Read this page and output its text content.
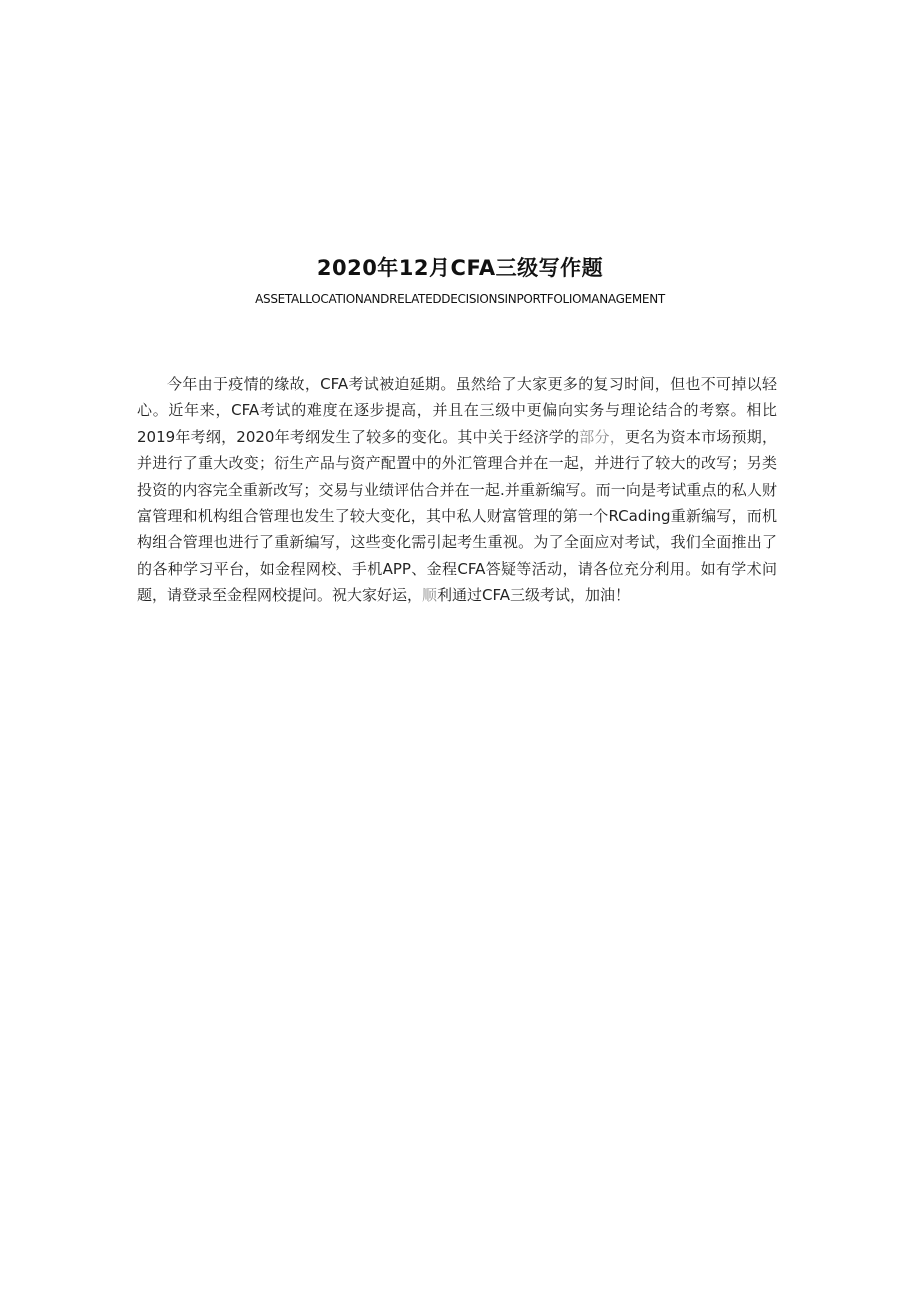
2020年12月CFA三级写作题

ASSETALLOCATIONANDRELATEDDECISIONSINPORTFOLIOMANAGEMENT

今年由于疫情的缘故，CFA考试被迫延期。虽然给了大家更多的复习时间，但也不可掉以轻心。近年来，CFA考试的难度在逐步提高，并且在三级中更偏向实务与理论结合的考察。相比2019年考纲，2020年考纲发生了较多的变化。其中关于经济学的部分，更名为资本市场预期，并进行了重大改变；衍生产品与资产配置中的外汇管理合并在一起，并进行了较大的改写；另类投资的内容完全重新改写；交易与业绩评估合并在一起.并重新编写。而一向是考试重点的私人财富管理和机构组合管理也发生了较大变化，其中私人财富管理的第一个RCading重新编写，而机构组合管理也进行了重新编写，这些变化需引起考生重视。为了全面应对考试，我们全面推出了的各种学习平台，如金程网校、手机APP、金程CFA答疑等活动，请各位充分利用。如有学术问题，请登录至金程网校提问。祝大家好运，顺利通过CFA三级考试，加油！
